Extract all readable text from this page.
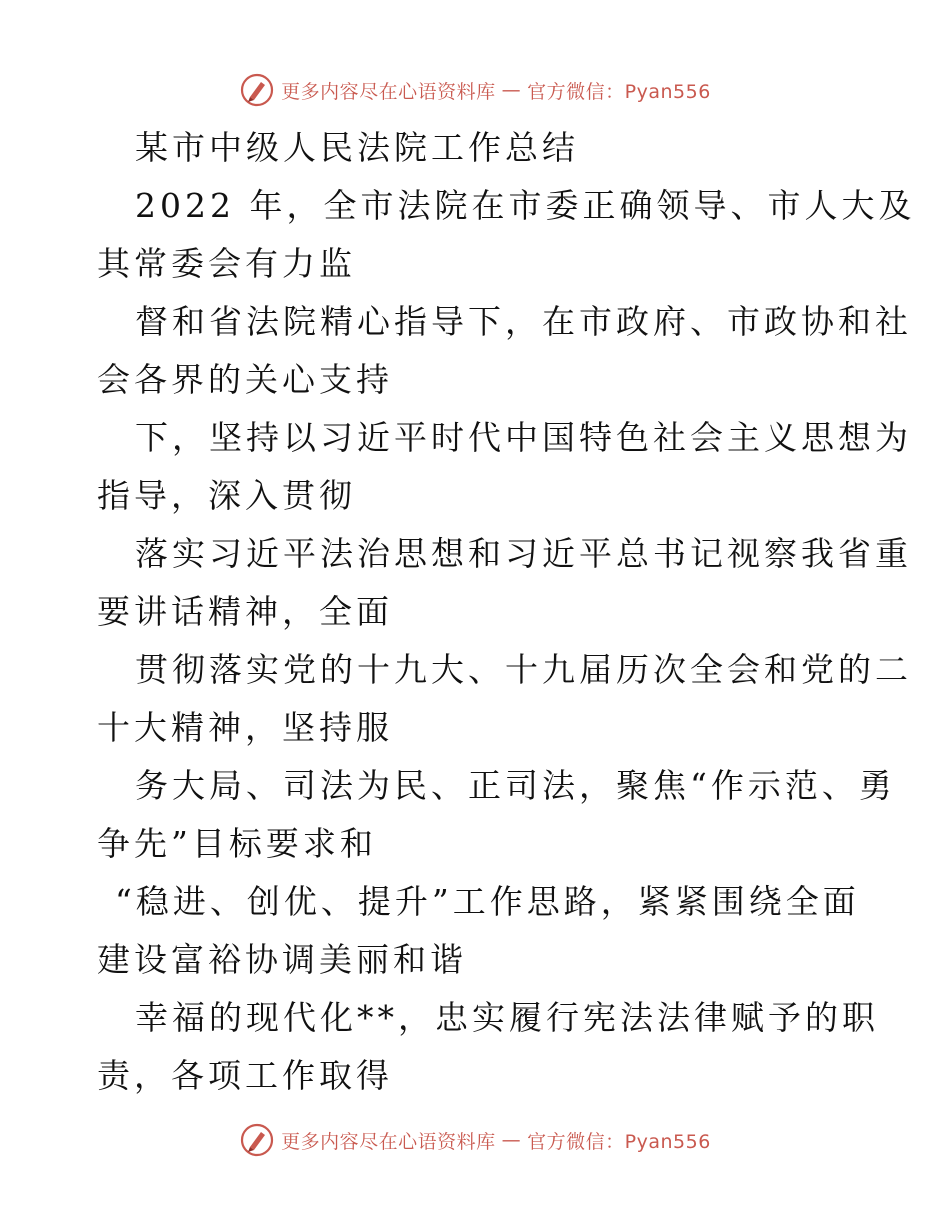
更多内容尽在心语资料库 — 官方微信：Pyan556
某市中级人民法院工作总结
2022 年，全市法院在市委正确领导、市人大及
其常委会有力监
督和省法院精心指导下，在市政府、市政协和社
会各界的关心支持
下，坚持以习近平时代中国特色社会主义思想为
指导，深入贯彻
落实习近平法治思想和习近平总书记视察我省重
要讲话精神，全面
贯彻落实党的十九大、十九届历次全会和党的二
十大精神，坚持服
务大局、司法为民、正司法，聚焦“作示范、勇
争先”目标要求和
“稳进、创优、提升”工作思路，紧紧围绕全面
建设富裕协调美丽和谐
幸福的现代化**，忠实履行宪法法律赋予的职
责，各项工作取得
更多内容尽在心语资料库 — 官方微信：Pyan556
